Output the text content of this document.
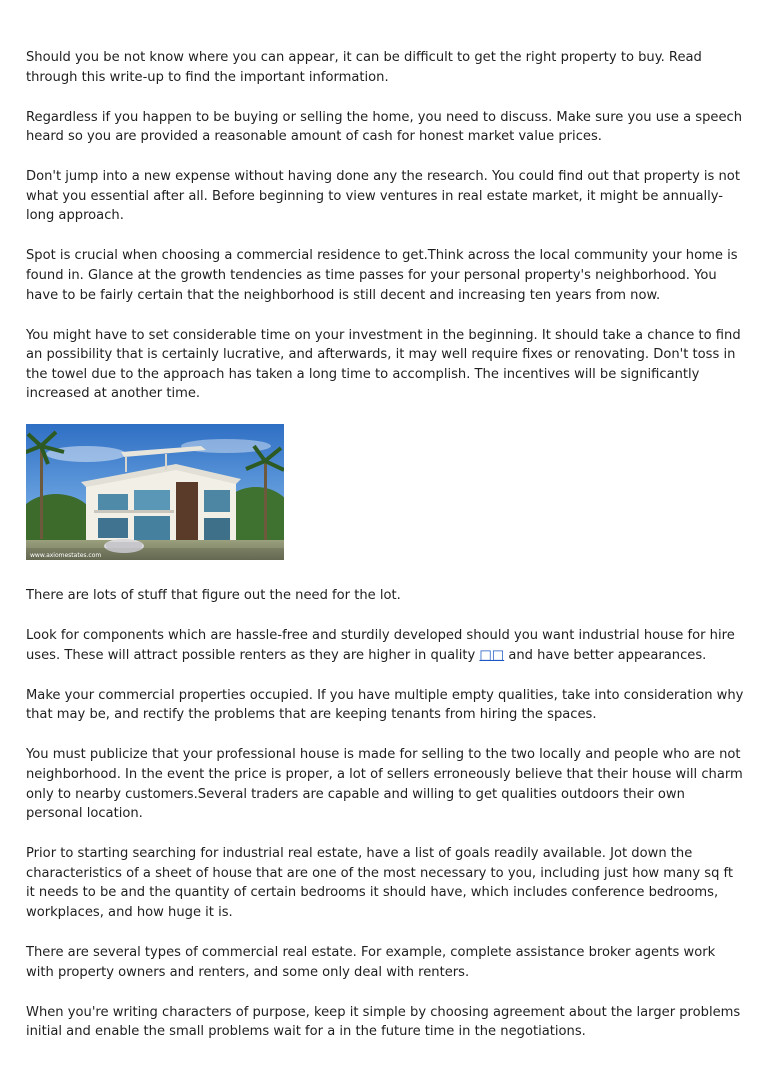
Should you be not know where you can appear, it can be difficult to get the right property to buy. Read through this write-up to find the important information.

Regardless if you happen to be buying or selling the home, you need to discuss. Make sure you use a speech heard so you are provided a reasonable amount of cash for honest market value prices.

Don't jump into a new expense without having done any the research. You could find out that property is not what you essential after all. Before beginning to view ventures in real estate market, it might be annually-long approach.

Spot is crucial when choosing a commercial residence to get.Think across the local community your home is found in. Glance at the growth tendencies as time passes for your personal property's neighborhood. You have to be fairly certain that the neighborhood is still decent and increasing ten years from now.

You might have to set considerable time on your investment in the beginning. It should take a chance to find an possibility that is certainly lucrative, and afterwards, it may well require fixes or renovating. Don't toss in the towel due to the approach has taken a long time to accomplish. The incentives will be significantly increased at another time.

www.axiomestates.com

There are lots of stuff that figure out the need for the lot.

Look for components which are hassle-free and sturdily developed should you want industrial house for hire uses. These will attract possible renters as they are higher in quality □□ and have better appearances.

Make your commercial properties occupied. If you have multiple empty qualities, take into consideration why that may be, and rectify the problems that are keeping tenants from hiring the spaces.

You must publicize that your professional house is made for selling to the two locally and people who are not neighborhood. In the event the price is proper, a lot of sellers erroneously believe that their house will charm only to nearby customers.Several traders are capable and willing to get qualities outdoors their own personal location.

Prior to starting searching for industrial real estate, have a list of goals readily available. Jot down the characteristics of a sheet of house that are one of the most necessary to you, including just how many sq ft it needs to be and the quantity of certain bedrooms it should have, which includes conference bedrooms, workplaces, and how huge it is.

There are several types of commercial real estate. For example, complete assistance broker agents work with property owners and renters, and some only deal with renters.

When you're writing characters of purpose, keep it simple by choosing agreement about the larger problems initial and enable the small problems wait for a in the future time in the negotiations.
